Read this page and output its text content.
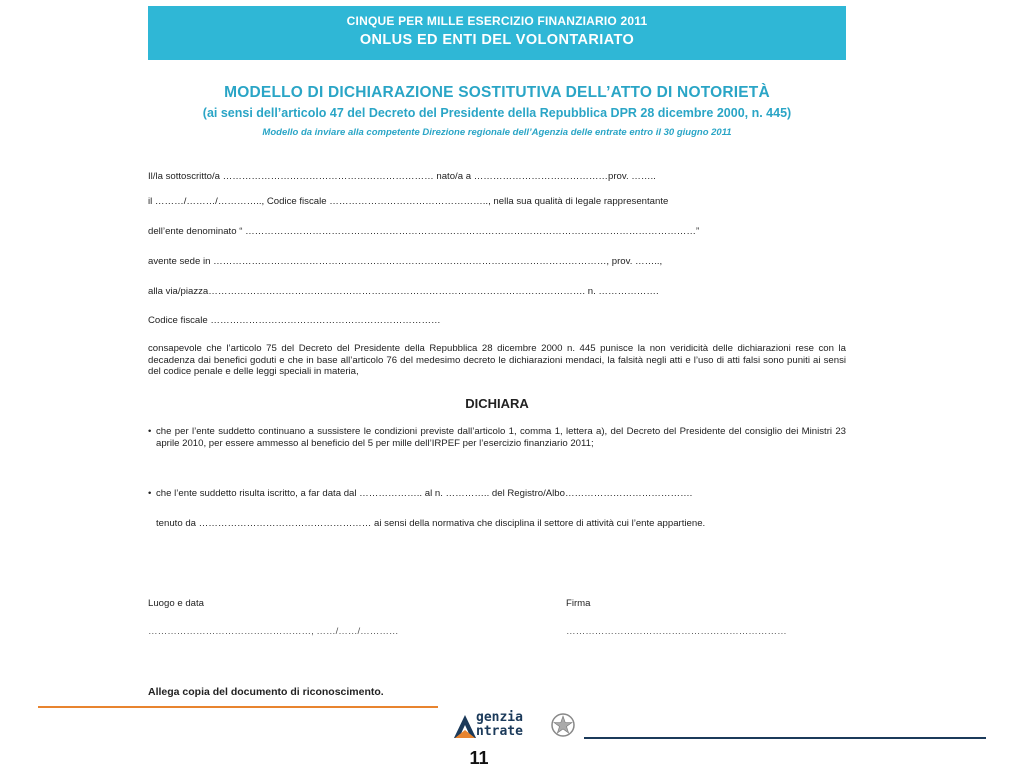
CINQUE PER MILLE ESERCIZIO FINANZIARIO 2011
ONLUS ED ENTI DEL VOLONTARIATO
MODELLO DI DICHIARAZIONE SOSTITUTIVA DELL’ATTO DI NOTORIETÀ
(ai sensi dell’articolo 47 del Decreto del Presidente della Repubblica DPR 28 dicembre 2000, n. 445)
Modello da inviare alla competente Direzione regionale dell’Agenzia delle entrate entro il 30 giugno 2011
Il/la sottoscritto/a ………………………………………………………… nato/a a ……………………………………prov. ……..
il ………/………/………….., Codice fiscale ………………………………………….., nella sua qualità di legale rappresentante
dell’ente denominato “ ……………………………………………………………………………………………………………………………”
avente sede in ……………………………………………………………………………………………………………, prov. ……..,
alla via/piazza………………………………………………………………………………………………………. n. ……………….
Codice fiscale ………………………………………………………………
consapevole che l’articolo 75 del Decreto del Presidente della Repubblica 28 dicembre 2000 n. 445 punisce la non veridicità delle dichiarazioni rese con la decadenza dai benefici goduti e che in base all’articolo 76 del medesimo decreto le dichiarazioni mendaci, la falsità negli atti e l’uso di atti falsi sono puniti ai sensi del codice penale e delle leggi speciali in materia,
DICHIARA
• che per l’ente suddetto continuano a sussistere le condizioni previste dall’articolo 1, comma 1, lettera a), del Decreto del Presidente del consiglio dei Ministri 23 aprile 2010, per essere ammesso al beneficio del 5 per mille dell’IRPEF per l’esercizio finanziario 2011;
• che l’ente suddetto risulta iscritto, a far data dal ……………….. al n. ………….. del Registro/Albo………………………………….
tenuto da ……………………………………………… ai sensi della normativa che disciplina il settore di attività cui l’ente appartiene.
Luogo e data
……………………………………………, ……/……/…………
Firma
……………………………………………………………
Allega copia del documento di riconoscimento.
genzia
ntrate
11
